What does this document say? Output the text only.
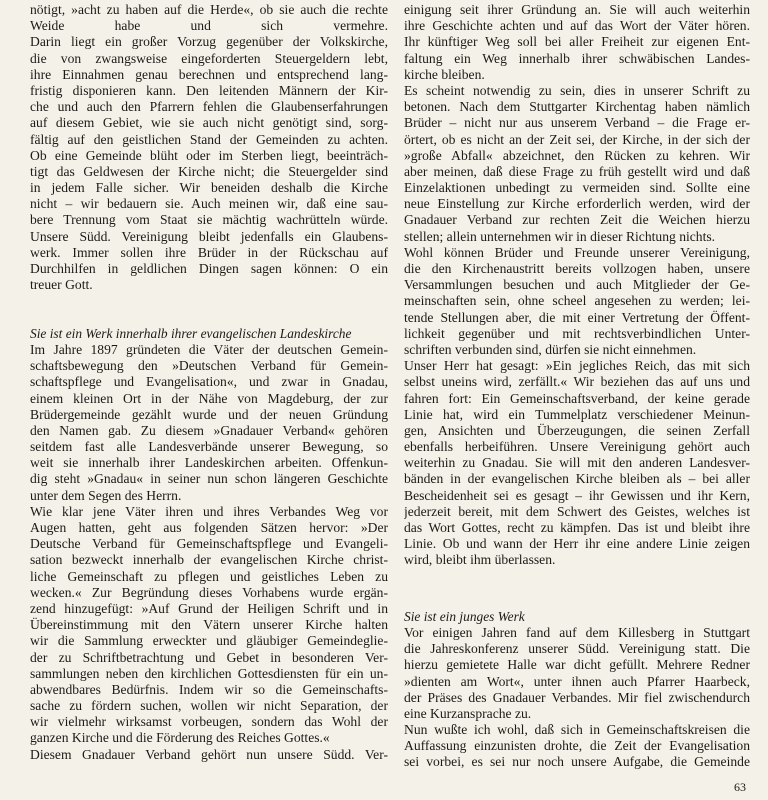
nötigt, »acht zu haben auf die Herde«, ob sie auch die rechte
Weide habe und sich vermehre.
Darin liegt ein großer Vorzug gegenüber der Volkskirche,
die von zwangsweise eingeforderten Steuergeldern lebt,
ihre Einnahmen genau berechnen und entsprechend lang-
fristig disponieren kann. Den leitenden Männern der Kir-
che und auch den Pfarrern fehlen die Glaubenserfahrungen
auf diesem Gebiet, wie sie auch nicht genötigt sind, sorg-
fältig auf den geistlichen Stand der Gemeinden zu achten.
Ob eine Gemeinde blüht oder im Sterben liegt, beeinträch-
tigt das Geldwesen der Kirche nicht; die Steuergelder sind
in jedem Falle sicher. Wir beneiden deshalb die Kirche
nicht – wir bedauern sie. Auch meinen wir, daß eine sau-
bere Trennung vom Staat sie mächtig wachrütteln würde.
Unsere Südd. Vereinigung bleibt jedenfalls ein Glaubens-
werk. Immer sollen ihre Brüder in der Rückschau auf
Durchhilfen in geldlichen Dingen sagen können: O ein
treuer Gott.
Sie ist ein Werk innerhalb ihrer evangelischen Landeskirche
Im Jahre 1897 gründeten die Väter der deutschen Gemein-
schaftsbewegung den »Deutschen Verband für Gemein-
schaftspflege und Evangelisation«, und zwar in Gnadau,
einem kleinen Ort in der Nähe von Magdeburg, der zur
Brüdergemeinde gezählt wurde und der neuen Gründung
den Namen gab. Zu diesem »Gnadauer Verband« gehören
seitdem fast alle Landesverbände unserer Bewegung, so
weit sie innerhalb ihrer Landeskirchen arbeiten. Offenkun-
dig steht »Gnadau« in seiner nun schon längeren Geschichte
unter dem Segen des Herrn.
Wie klar jene Väter ihren und ihres Verbandes Weg vor
Augen hatten, geht aus folgenden Sätzen hervor: »Der
Deutsche Verband für Gemeinschaftspflege und Evangeli-
sation bezweckt innerhalb der evangelischen Kirche christ-
liche Gemeinschaft zu pflegen und geistliches Leben zu
wecken.« Zur Begründung dieses Vorhabens wurde ergän-
zend hinzugefügt: »Auf Grund der Heiligen Schrift und in
Übereinstimmung mit den Vätern unserer Kirche halten
wir die Sammlung erweckter und gläubiger Gemeindeglie-
der zu Schriftbetrachtung und Gebet in besonderen Ver-
sammlungen neben den kirchlichen Gottesdiensten für ein un-
abwendbares Bedürfnis. Indem wir so die Gemeinschafts-
sache zu fördern suchen, wollen wir nicht Separation, der
wir vielmehr wirksamst vorbeugen, sondern das Wohl der
ganzen Kirche und die Förderung des Reiches Gottes.«
Diesem Gnadauer Verband gehört nun unsere Südd. Ver-
einigung seit ihrer Gründung an. Sie will auch weiterhin
ihre Geschichte achten und auf das Wort der Väter hören.
Ihr künftiger Weg soll bei aller Freiheit zur eigenen Ent-
faltung ein Weg innerhalb ihrer schwäbischen Landes-
kirche bleiben.
Es scheint notwendig zu sein, dies in unserer Schrift zu
betonen. Nach dem Stuttgarter Kirchentag haben nämlich
Brüder – nicht nur aus unserem Verband – die Frage er-
örtert, ob es nicht an der Zeit sei, der Kirche, in der sich der
»große Abfall« abzeichnet, den Rücken zu kehren. Wir
aber meinen, daß diese Frage zu früh gestellt wird und daß
Einzelaktionen unbedingt zu vermeiden sind. Sollte eine
neue Einstellung zur Kirche erforderlich werden, wird der
Gnadauer Verband zur rechten Zeit die Weichen hierzu
stellen; allein unternehmen wir in dieser Richtung nichts.
Wohl können Brüder und Freunde unserer Vereinigung,
die den Kirchenaustritt bereits vollzogen haben, unsere
Versammlungen besuchen und auch Mitglieder der Ge-
meinschaften sein, ohne scheel angesehen zu werden; lei-
tende Stellungen aber, die mit einer Vertretung der Öffent-
lichkeit gegenüber und mit rechtsverbindlichen Unter-
schriften verbunden sind, dürfen sie nicht einnehmen.
Unser Herr hat gesagt: »Ein jegliches Reich, das mit sich
selbst uneins wird, zerfällt.« Wir beziehen das auf uns und
fahren fort: Ein Gemeinschaftsverband, der keine gerade
Linie hat, wird ein Tummelplatz verschiedener Meinun-
gen, Ansichten und Überzeugungen, die seinen Zerfall
ebenfalls herbeiführen. Unsere Vereinigung gehört auch
weiterhin zu Gnadau. Sie will mit den anderen Landesver-
bänden in der evangelischen Kirche bleiben als – bei aller
Bescheidenheit sei es gesagt – ihr Gewissen und ihr Kern,
jederzeit bereit, mit dem Schwert des Geistes, welches ist
das Wort Gottes, recht zu kämpfen. Das ist und bleibt ihre
Linie. Ob und wann der Herr ihr eine andere Linie zeigen
wird, bleibt ihm überlassen.
Sie ist ein junges Werk
Vor einigen Jahren fand auf dem Killesberg in Stuttgart
die Jahreskonferenz unserer Südd. Vereinigung statt. Die
hierzu gemietete Halle war dicht gefüllt. Mehrere Redner
»dienten am Wort«, unter ihnen auch Pfarrer Haarbeck,
der Präses des Gnadauer Verbandes. Mir fiel zwischendurch
eine Kurzansprache zu.
Nun wußte ich wohl, daß sich in Gemeinschaftskreisen die
Auffassung einzunisten drohte, die Zeit der Evangelisation
sei vorbei, es sei nur noch unsere Aufgabe, die Gemeinde
63
